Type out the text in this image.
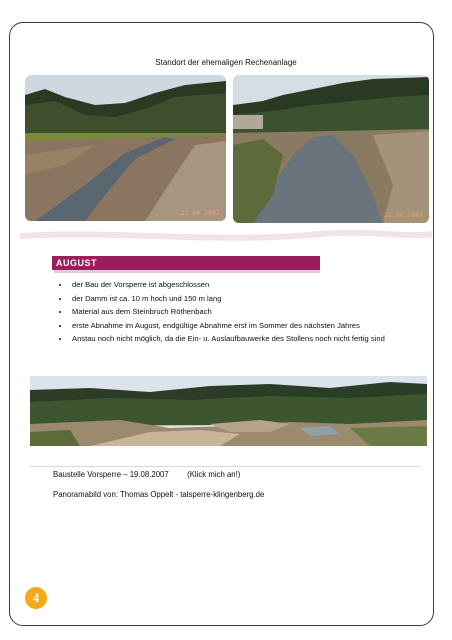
Standort der ehemaligen Rechenanlage
22.04.2007	22.04.2007
AUGUST
• der Bau der Vorsperre ist abgeschlossen
• der Damm ist ca. 10 m hoch und 150 m lang
• Material aus dem Steinbruch Röthenbach
• erste Abnahme im August, endgültige Abnahme erst im Sommer des nächsten Jahres
• Anstau noch nicht möglich, da die Ein- u. Auslaufbauwerke des Stollens noch nicht fertig sind
Baustelle Vorsperre – 19.08.2007 (Klick mich an!)
Panoramabild von: Thomas Oppelt - talsperre-klingenberg.de
4
